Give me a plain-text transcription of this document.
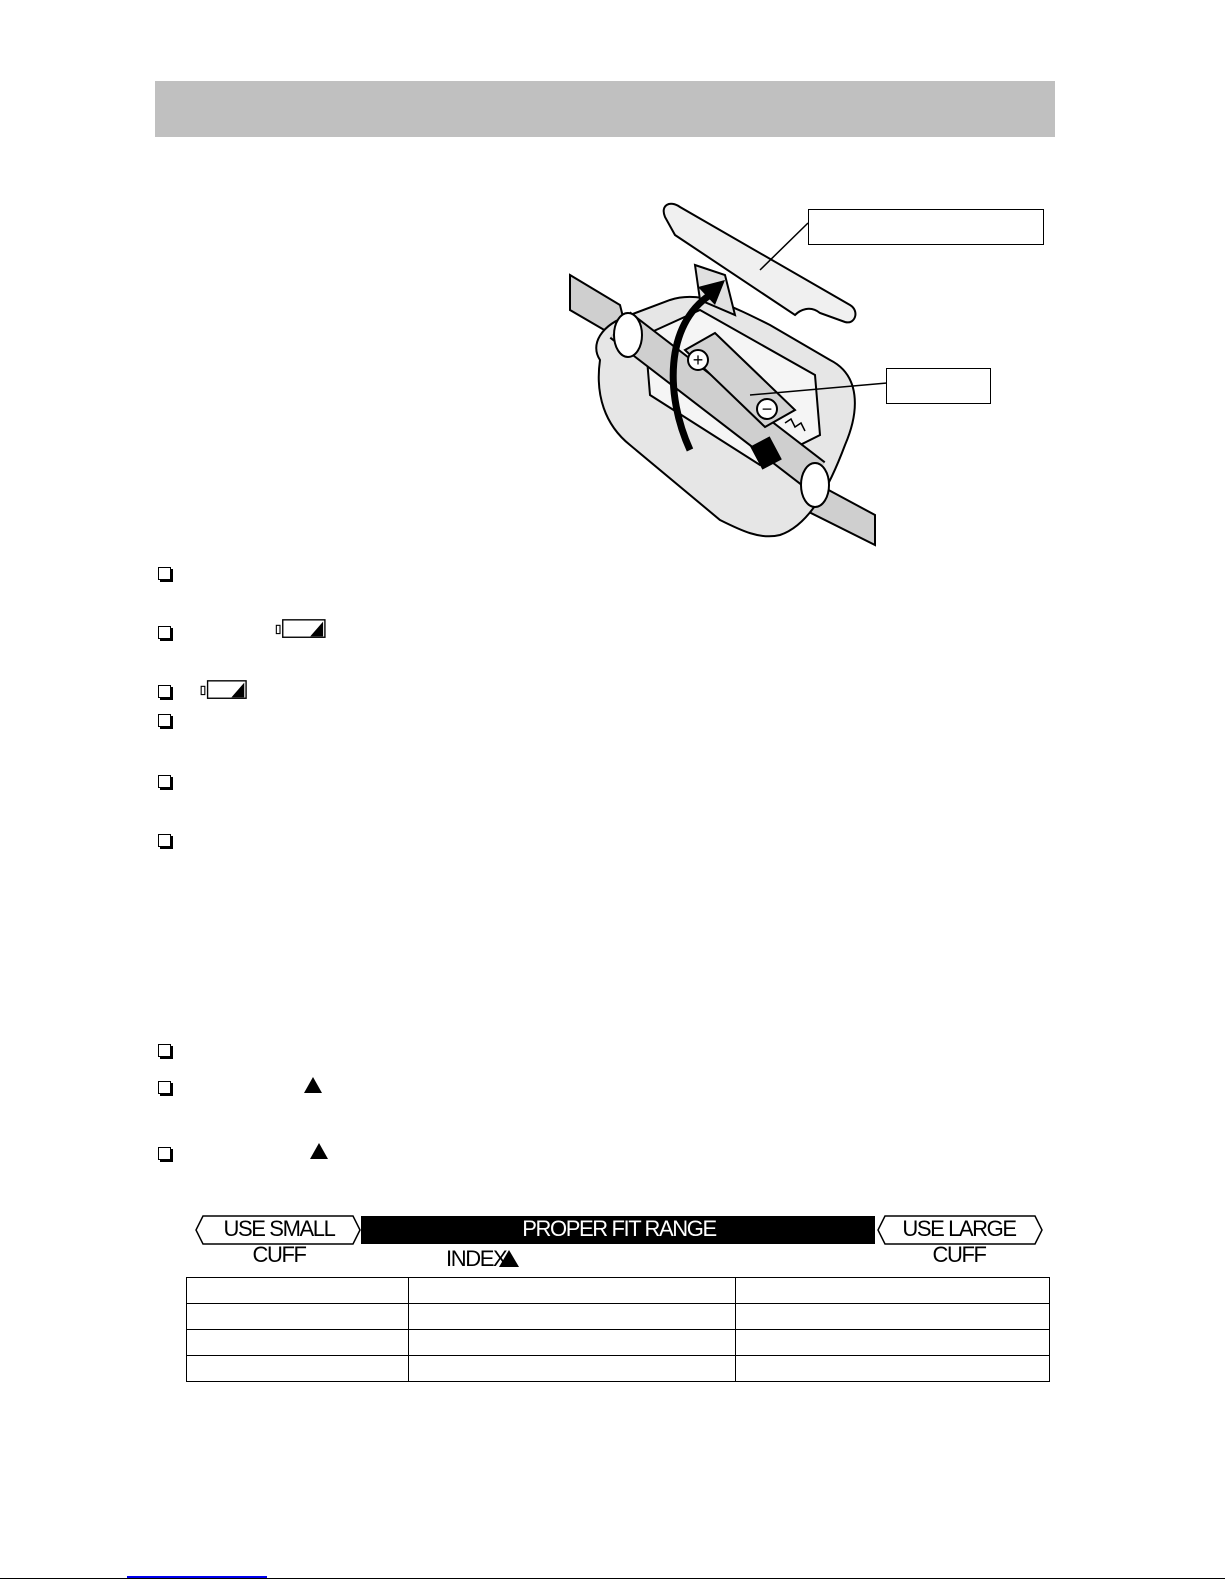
+
−
USE SMALL CUFF
PROPER FIT RANGE	USE LARGE CUFF
INDEX
